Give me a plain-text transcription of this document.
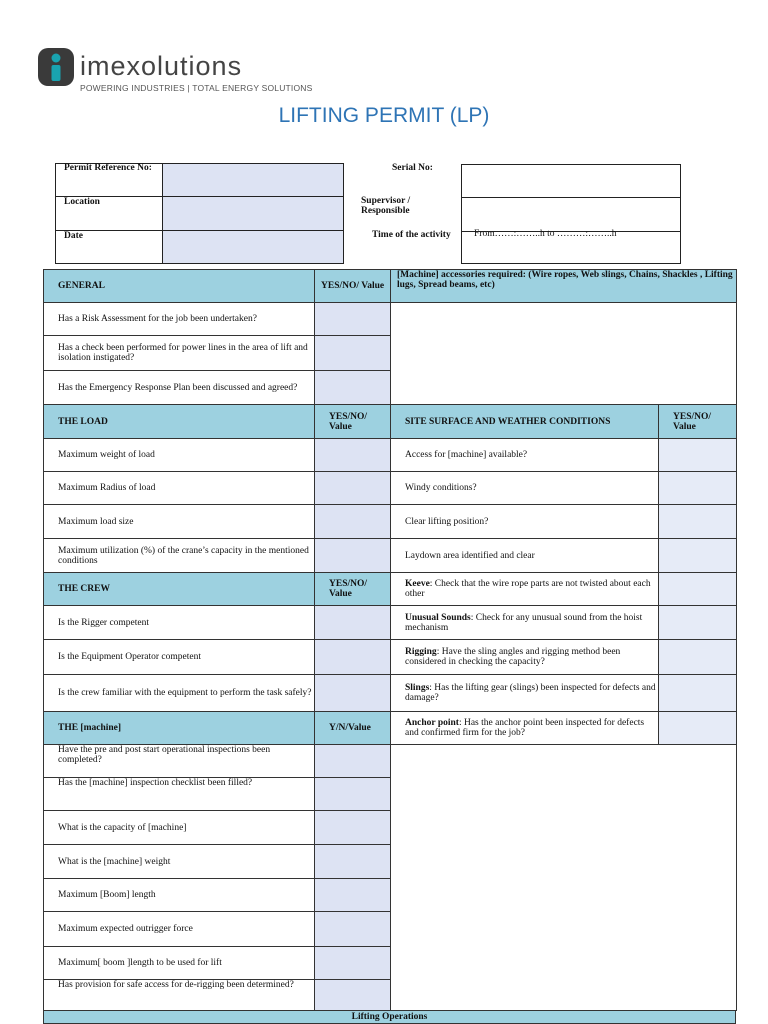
imexolutions
POWERING INDUSTRIES | TOTAL ENERGY SOLUTIONS
LIFTING PERMIT (LP)
Permit Reference No:
Location
Date
Serial No:
Supervisor / Responsible
Time of the activity From……:……..h to ………:……..h
GENERAL	YES/NO/ Value	[Machine] accessories required: (Wire ropes, Web slings, Chains, Shackles , Lifting lugs, Spread beams, etc)	
Has a Risk Assessment for the job been undertaken?			
Has a check been performed for power lines in the area of lift and isolation instigated?			
Has the Emergency Response Plan been discussed and agreed?			
THE LOAD	YES/NO/ Value	SITE SURFACE AND WEATHER CONDITIONS	YES/NO/ Value
Maximum weight of load		Access for [machine] available?	
Maximum Radius of load		Windy conditions?	
Maximum load size		Clear lifting position?	
Maximum utilization (%) of the crane’s capacity in the mentioned conditions		Laydown area identified and clear	
THE CREW	YES/NO/ Value	Keeve: Check that the wire rope parts are not twisted about each other	
Is the Rigger competent		Unusual Sounds: Check for any unusual sound from the hoist mechanism	
Is the Equipment Operator competent		Rigging: Have the sling angles and rigging method been considered in checking the capacity?	
Is the crew familiar with the equipment to perform the task safely?		Slings: Has the lifting gear (slings) been inspected for defects and damage?	
THE [machine]	Y/N/Value	Anchor point: Has the anchor point been inspected for defects and confirmed firm for the job?	
Have the pre and post start operational inspections been completed?			
Has the [machine] inspection checklist been filled?			
What is the capacity of [machine]			
What is the [machine] weight			
Maximum [Boom] length			
Maximum expected outrigger force			
Maximum[ boom ]length to be used for lift			
Has provision for safe access for de-rigging been determined?			
Lifting Operations
